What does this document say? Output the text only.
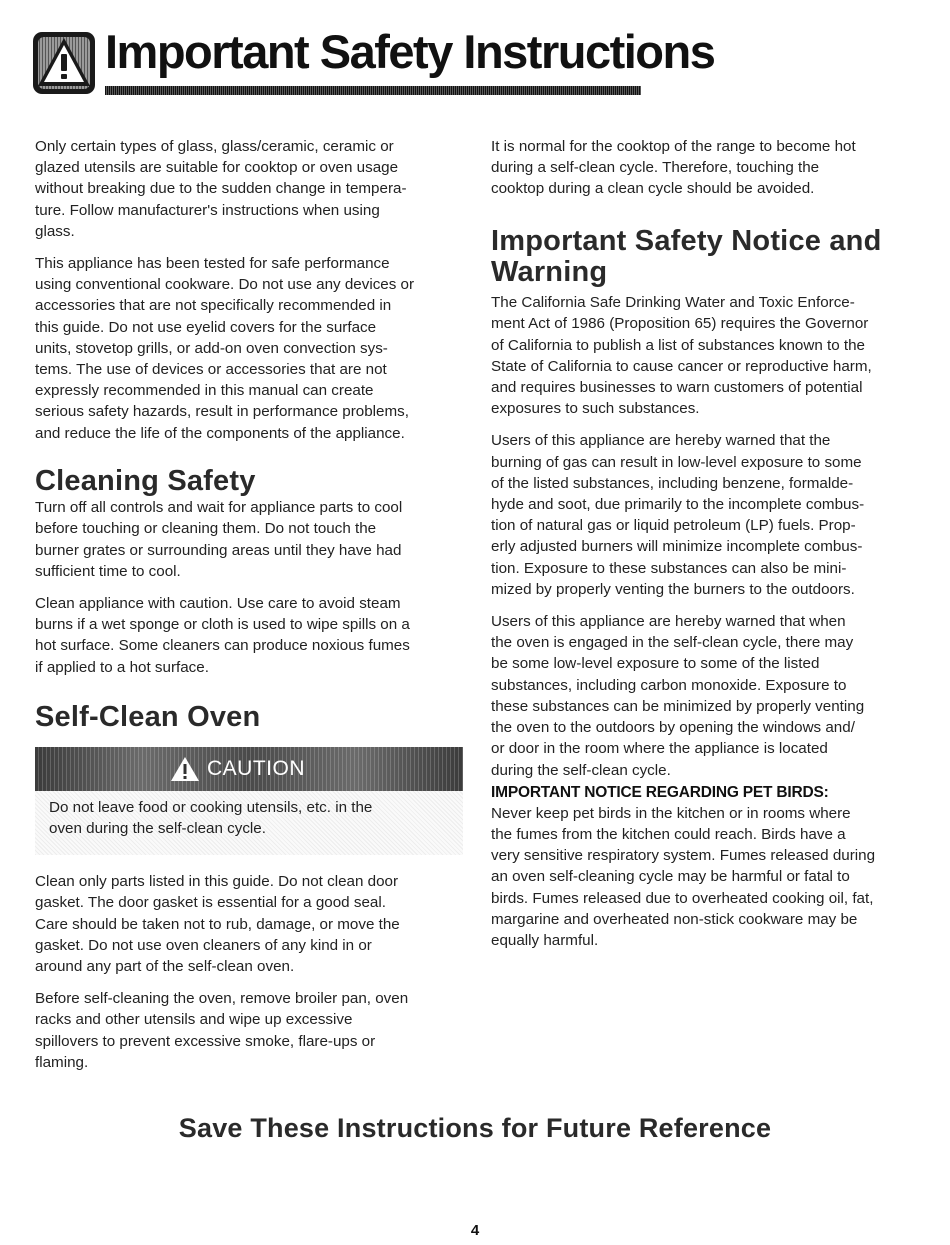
Important Safety Instructions

Only certain types of glass, glass/ceramic, ceramic or
glazed utensils are suitable for cooktop or oven usage
without breaking due to the sudden change in tempera-
ture. Follow manufacturer's instructions when using
glass.

This appliance has been tested for safe performance
using conventional cookware. Do not use any devices or
accessories that are not specifically recommended in
this guide. Do not use eyelid covers for the surface
units, stovetop grills, or add-on oven convection sys-
tems. The use of devices or accessories that are not
expressly recommended in this manual can create
serious safety hazards, result in performance problems,
and reduce the life of the components of the appliance.

Cleaning Safety

Turn off all controls and wait for appliance parts to cool
before touching or cleaning them. Do not touch the
burner grates or surrounding areas until they have had
sufficient time to cool.

Clean appliance with caution. Use care to avoid steam
burns if a wet sponge or cloth is used to wipe spills on a
hot surface. Some cleaners can produce noxious fumes
if applied to a hot surface.

Self-Clean Oven
CAUTION

Do not leave food or cooking utensils, etc. in the
oven during the self-clean cycle.

Clean only parts listed in this guide. Do not clean door
gasket. The door gasket is essential for a good seal.
Care should be taken not to rub, damage, or move the
gasket. Do not use oven cleaners of any kind in or
around any part of the self-clean oven.

Before self-cleaning the oven, remove broiler pan, oven
racks and other utensils and wipe up excessive
spillovers to prevent excessive smoke, flare-ups or
flaming.

It is normal for the cooktop of the range to become hot
during a self-clean cycle. Therefore, touching the
cooktop during a clean cycle should be avoided.

Important Safety Notice and
Warning

The California Safe Drinking Water and Toxic Enforce-
ment Act of 1986 (Proposition 65) requires the Governor
of California to publish a list of substances known to the
State of California to cause cancer or reproductive harm,
and requires businesses to warn customers of potential
exposures to such substances.

Users of this appliance are hereby warned that the
burning of gas can result in low-level exposure to some
of the listed substances, including benzene, formalde-
hyde and soot, due primarily to the incomplete combus-
tion of natural gas or liquid petroleum (LP) fuels. Prop-
erly adjusted burners will minimize incomplete combus-
tion. Exposure to these substances can also be mini-
mized by properly venting the burners to the outdoors.

Users of this appliance are hereby warned that when
the oven is engaged in the self-clean cycle, there may
be some low-level exposure to some of the listed
substances, including carbon monoxide. Exposure to
these substances can be minimized by properly venting
the oven to the outdoors by opening the windows and/
or door in the room where the appliance is located
during the self-clean cycle.

IMPORTANT NOTICE REGARDING PET BIRDS:

Never keep pet birds in the kitchen or in rooms where
the fumes from the kitchen could reach. Birds have a
very sensitive respiratory system. Fumes released during
an oven self-cleaning cycle may be harmful or fatal to
birds. Fumes released due to overheated cooking oil, fat,
margarine and overheated non-stick cookware may be
equally harmful.

Save These Instructions for Future Reference
4
